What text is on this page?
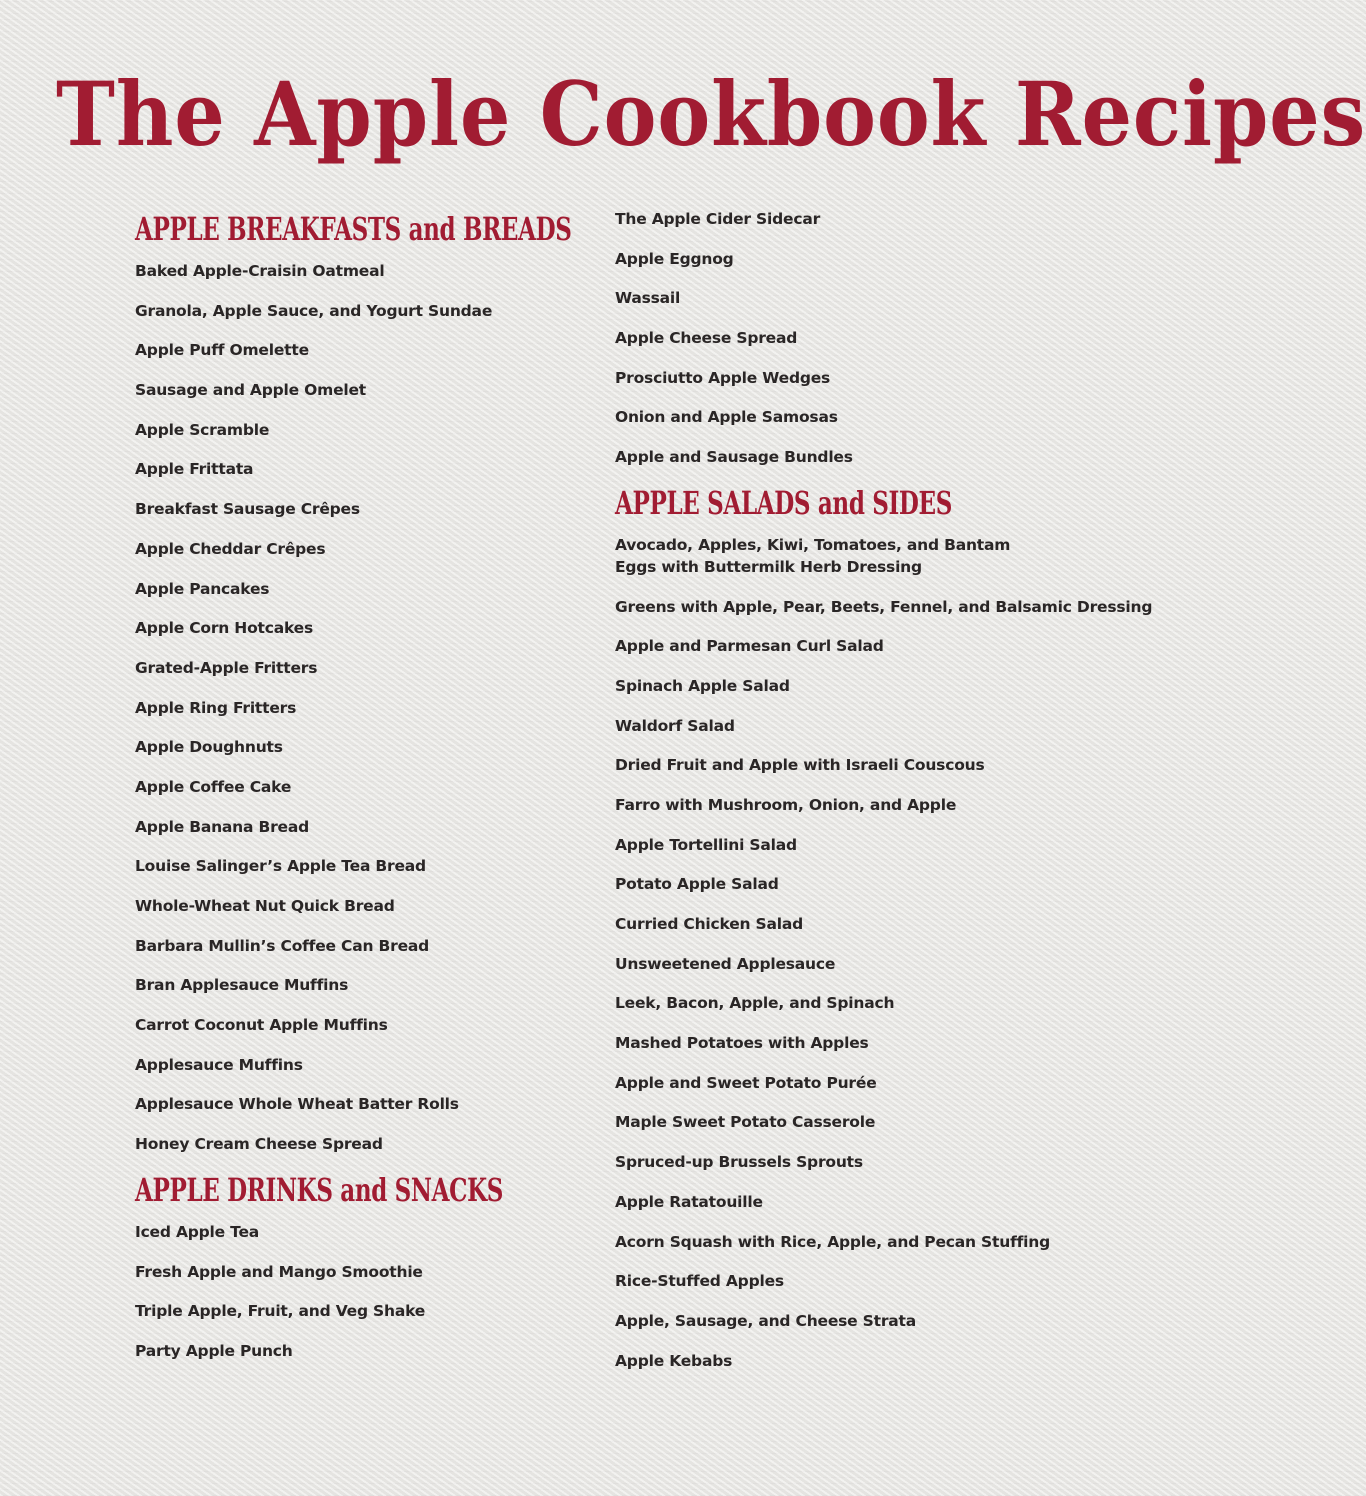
The Apple Cookbook Recipes
APPLE BREAKFASTS and BREADS
Baked Apple-Craisin Oatmeal
Granola, Apple Sauce, and Yogurt Sundae
Apple Puff Omelette
Sausage and Apple Omelet
Apple Scramble
Apple Frittata
Breakfast Sausage Crêpes
Apple Cheddar Crêpes
Apple Pancakes
Apple Corn Hotcakes
Grated-Apple Fritters
Apple Ring Fritters
Apple Doughnuts
Apple Coffee Cake
Apple Banana Bread
Louise Salinger’s Apple Tea Bread
Whole-Wheat Nut Quick Bread
Barbara Mullin’s Coffee Can Bread
Bran Applesauce Muffins
Carrot Coconut Apple Muffins
Applesauce Muffins
Applesauce Whole Wheat Batter Rolls
Honey Cream Cheese Spread
APPLE DRINKS and SNACKS
Iced Apple Tea
Fresh Apple and Mango Smoothie
Triple Apple, Fruit, and Veg Shake
Party Apple Punch
The Apple Cider Sidecar
Apple Eggnog
Wassail
Apple Cheese Spread
Prosciutto Apple Wedges
Onion and Apple Samosas
Apple and Sausage Bundles
APPLE SALADS and SIDES
Avocado, Apples, Kiwi, Tomatoes, and Bantam Eggs with Buttermilk Herb Dressing
Greens with Apple, Pear, Beets, Fennel, and Balsamic Dressing
Apple and Parmesan Curl Salad
Spinach Apple Salad
Waldorf Salad
Dried Fruit and Apple with Israeli Couscous
Farro with Mushroom, Onion, and Apple
Apple Tortellini Salad
Potato Apple Salad
Curried Chicken Salad
Unsweetened Applesauce
Leek, Bacon, Apple, and Spinach
Mashed Potatoes with Apples
Apple and Sweet Potato Purée
Maple Sweet Potato Casserole
Spruced-up Brussels Sprouts
Apple Ratatouille
Acorn Squash with Rice, Apple, and Pecan Stuffing
Rice-Stuffed Apples
Apple, Sausage, and Cheese Strata
Apple Kebabs
